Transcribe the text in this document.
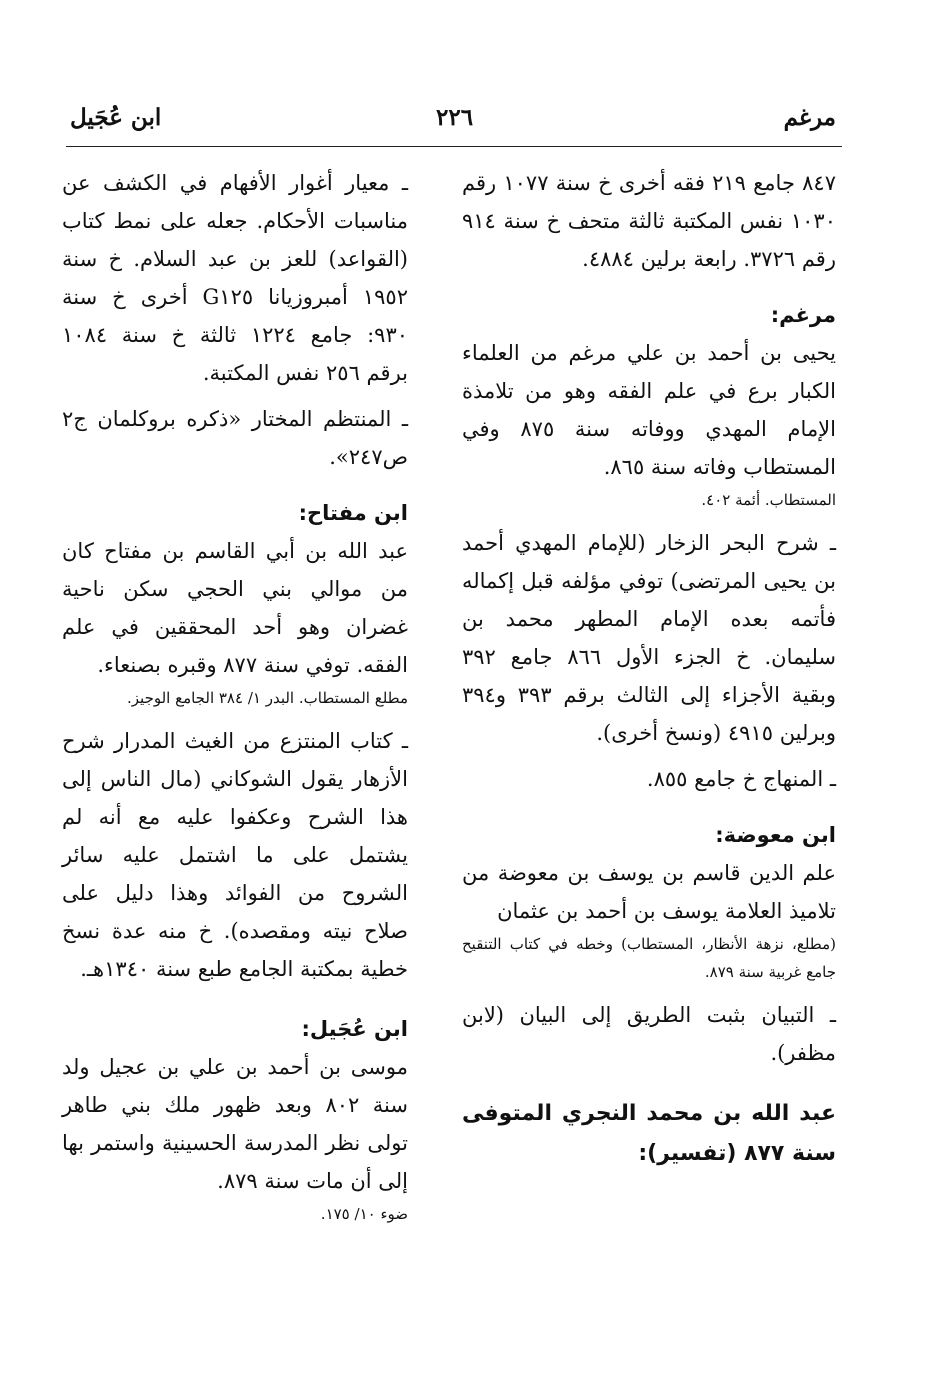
مرغم
٢٢٦
ابن عُجَيل

٨٤٧ جامع ٢١٩ فقه أخرى خ سنة ١٠٧٧ رقم ١٠٣٠ نفس المكتبة ثالثة متحف خ سنة ٩١٤ رقم ٣٧٢٦. رابعة برلين ٤٨٨٤.

مرغم:

يحيى بن أحمد بن علي مرغم من العلماء الكبار برع في علم الفقه وهو من تلامذة الإمام المهدي ووفاته سنة ٨٧٥ وفي المستطاب وفاته سنة ٨٦٥.

المستطاب. أئمة ٤٠٢.

ـ شرح البحر الزخار (للإمام المهدي أحمد بن يحيى المرتضى) توفي مؤلفه قبل إكماله فأتمه بعده الإمام المطهر محمد بن سليمان. خ الجزء الأول ٨٦٦ جامع ٣٩٢ وبقية الأجزاء إلى الثالث برقم ٣٩٣ و٣٩٤ وبرلين ٤٩١٥ (ونسخ أخرى).

ـ المنهاج خ جامع ٨٥٥.

ابن معوضة:

علم الدين قاسم بن يوسف بن معوضة من تلاميذ العلامة يوسف بن أحمد بن عثمان

(مطلع، نزهة الأنظار، المستطاب) وخطه في كتاب التنقيح جامع غربية سنة ٨٧٩.

ـ التبيان بثبت الطريق إلى البيان (لابن مظفر).

عبد الله بن محمد النجري المتوفى سنة ٨٧٧ (تفسير):

ـ معيار أغوار الأفهام في الكشف عن مناسبات الأحكام. جعله على نمط كتاب (القواعد) للعز بن عبد السلام. خ سنة ١٩٥٢ أمبروزيانا G١٢٥ أخرى خ سنة ٩٣٠: جامع ١٢٢٤ ثالثة خ سنة ١٠٨٤ برقم ٢٥٦ نفس المكتبة.

ـ المنتظم المختار «ذكره بروكلمان ج٢ ص٢٤٧».

ابن مفتاح:

عبد الله بن أبي القاسم بن مفتاح كان من موالي بني الحجي سكن ناحية غضران وهو أحد المحققين في علم الفقه. توفي سنة ٨٧٧ وقبره بصنعاء.

مطلع المستطاب. البدر ١/ ٣٨٤ الجامع الوجيز.

ـ كتاب المنتزع من الغيث المدرار شرح الأزهار يقول الشوكاني (مال الناس إلى هذا الشرح وعكفوا عليه مع أنه لم يشتمل على ما اشتمل عليه سائر الشروح من الفوائد وهذا دليل على صلاح نيته ومقصده). خ منه عدة نسخ خطية بمكتبة الجامع طبع سنة ١٣٤٠هـ.

ابن عُجَيل:

موسى بن أحمد بن علي بن عجيل ولد سنة ٨٠٢ وبعد ظهور ملك بني طاهر تولى نظر المدرسة الحسينية واستمر بها إلى أن مات سنة ٨٧٩.

ضوء ١٠/ ١٧٥.
